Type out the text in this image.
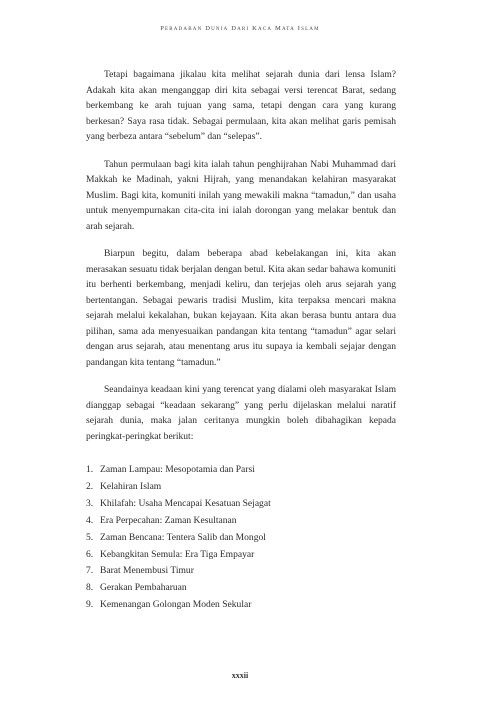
Peradaban Dunia Dari Kaca Mata Islam

Tetapi bagaimana jikalau kita melihat sejarah dunia dari lensa Islam? Adakah kita akan menganggap diri kita sebagai versi terencat Barat, sedang berkembang ke arah tujuan yang sama, tetapi dengan cara yang kurang berkesan? Saya rasa tidak. Sebagai permulaan, kita akan melihat garis pemisah yang berbeza antara “sebelum” dan “selepas”.

Tahun permulaan bagi kita ialah tahun penghijrahan Nabi Muhammad dari Makkah ke Madinah, yakni Hijrah, yang menandakan kelahiran masyarakat Muslim. Bagi kita, komuniti inilah yang mewakili makna “tamadun,” dan usaha untuk menyempurnakan cita-cita ini ialah dorongan yang melakar bentuk dan arah sejarah.

Biarpun begitu, dalam beberapa abad kebelakangan ini, kita akan merasakan sesuatu tidak berjalan dengan betul. Kita akan sedar bahawa komuniti itu berhenti berkembang, menjadi keliru, dan terjejas oleh arus sejarah yang bertentangan. Sebagai pewaris tradisi Muslim, kita terpaksa mencari makna sejarah melalui kekalahan, bukan kejayaan. Kita akan berasa buntu antara dua pilihan, sama ada menyesuaikan pandangan kita tentang “tamadun” agar selari dengan arus sejarah, atau menentang arus itu supaya ia kembali sejajar dengan pandangan kita tentang “tamadun.”

Seandainya keadaan kini yang terencat yang dialami oleh masyarakat Islam dianggap sebagai “keadaan sekarang” yang perlu dijelaskan melalui naratif sejarah dunia, maka jalan ceritanya mungkin boleh dibahagikan kepada peringkat-peringkat berikut:

1. Zaman Lampau: Mesopotamia dan Parsi
2. Kelahiran Islam
3. Khilafah: Usaha Mencapai Kesatuan Sejagat
4. Era Perpecahan: Zaman Kesultanan
5. Zaman Bencana: Tentera Salib dan Mongol
6. Kebangkitan Semula: Era Tiga Empayar
7. Barat Menembusi Timur
8. Gerakan Pembaharuan
9. Kemenangan Golongan Moden Sekular
xxxii
